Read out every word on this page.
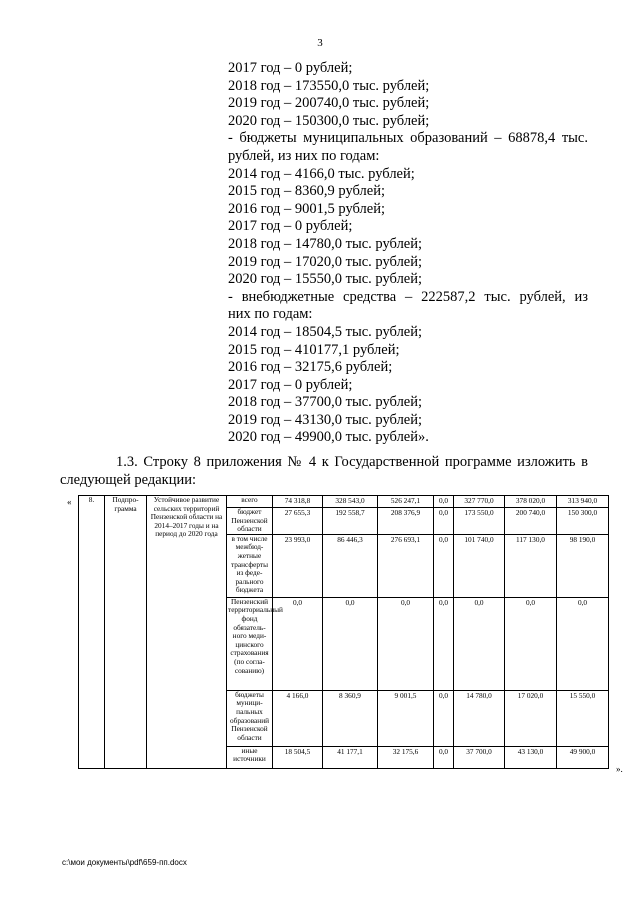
3
2017 год – 0 рублей;
2018 год – 173550,0 тыс. рублей;
2019 год – 200740,0 тыс. рублей;
2020 год – 150300,0 тыс. рублей;
- бюджеты муниципальных образований – 68878,4 тыс.
рублей, из них по годам:
2014 год – 4166,0 тыс. рублей;
2015 год – 8360,9 рублей;
2016 год – 9001,5 рублей;
2017 год – 0 рублей;
2018 год – 14780,0 тыс. рублей;
2019 год – 17020,0 тыс. рублей;
2020 год – 15550,0 тыс. рублей;
- внебюджетные средства – 222587,2 тыс. рублей, из
них по годам:
2014 год – 18504,5 тыс. рублей;
2015 год – 410177,1 рублей;
2016 год – 32175,6 рублей;
2017 год – 0 рублей;
2018 год – 37700,0 тыс. рублей;
2019 год – 43130,0 тыс. рублей;
2020 год – 49900,0 тыс. рублей».
1.3. Строку 8 приложения № 4 к Государственной программе изложить в
следующей редакции:
«
».
8.	Подпро-грамма	Устойчивое развитие сельских территорий Пензенской области на 2014–2017 годы и на период до 2020 года	всего	74 318,8	328 543,0	526 247,1	0,0	327 770,0	378 020,0	313 940,0
			бюджет Пензенской области	27 655,3	192 558,7	208 376,9	0,0	173 550,0	200 740,0	150 300,0
			в том числе межбюд-жетные трансферты из феде-рального бюджета	23 993,0	86 446,3	276 693,1	0,0	101 740,0	117 130,0	98 190,0
			Пензенский территориальный фонд обязатель-ного меди-цинского страхования (по согла-сованию)	0,0	0,0	0,0	0,0	0,0	0,0	0,0
			бюджеты муници-пальных образований Пензенской области	4 166,0	8 360,9	9 001,5	0,0	14 780,0	17 020,0	15 550,0
			иные источники	18 504,5	41 177,1	32 175,6	0,0	37 700,0	43 130,0	49 900,0
c:\мои документы\pdf\659-пп.docx
